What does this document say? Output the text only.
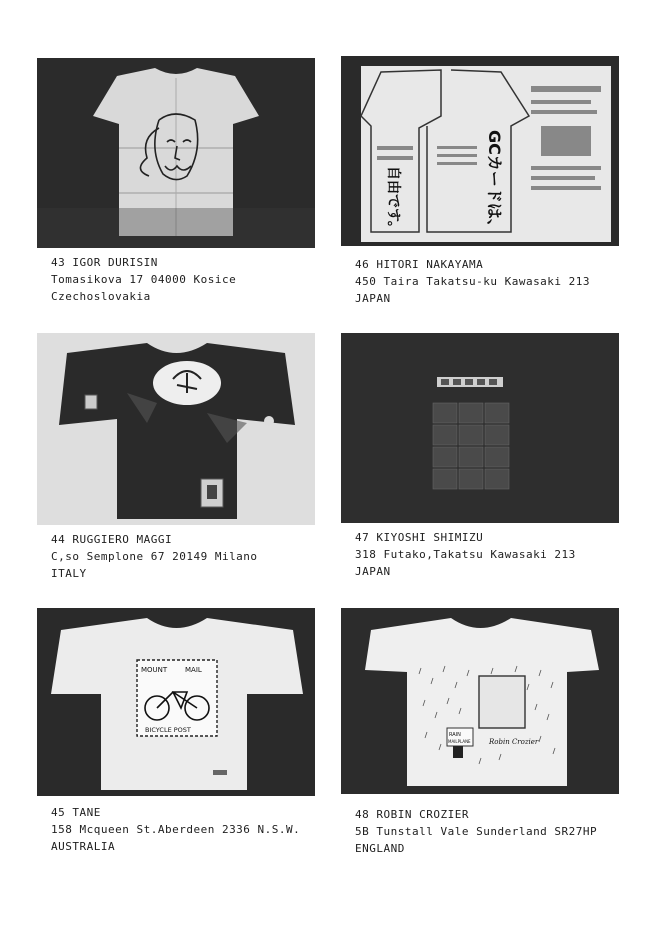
43 IGOR DURISIN
Tomasikova 17 04000 Kosice
Czechoslovakia
GCカードは、
自由です。
46 HITORI NAKAYAMA
450 Taira Takatsu-ku Kawasaki 213
JAPAN
44 RUGGIERO MAGGI
C,so Semplone 67 20149 Milano
ITALY
47 KIYOSHI SHIMIZU
318 Futako,Takatsu Kawasaki 213
JAPAN
MOUNT	MAIL
BICYCLE POST
45 TANE
158 Mcqueen St.Aberdeen 2336 N.S.W.
AUSTRALIA
RAIN
MAILPLANE	Robin Crozier
48 ROBIN CROZIER
5B Tunstall Vale Sunderland SR27HP
ENGLAND
